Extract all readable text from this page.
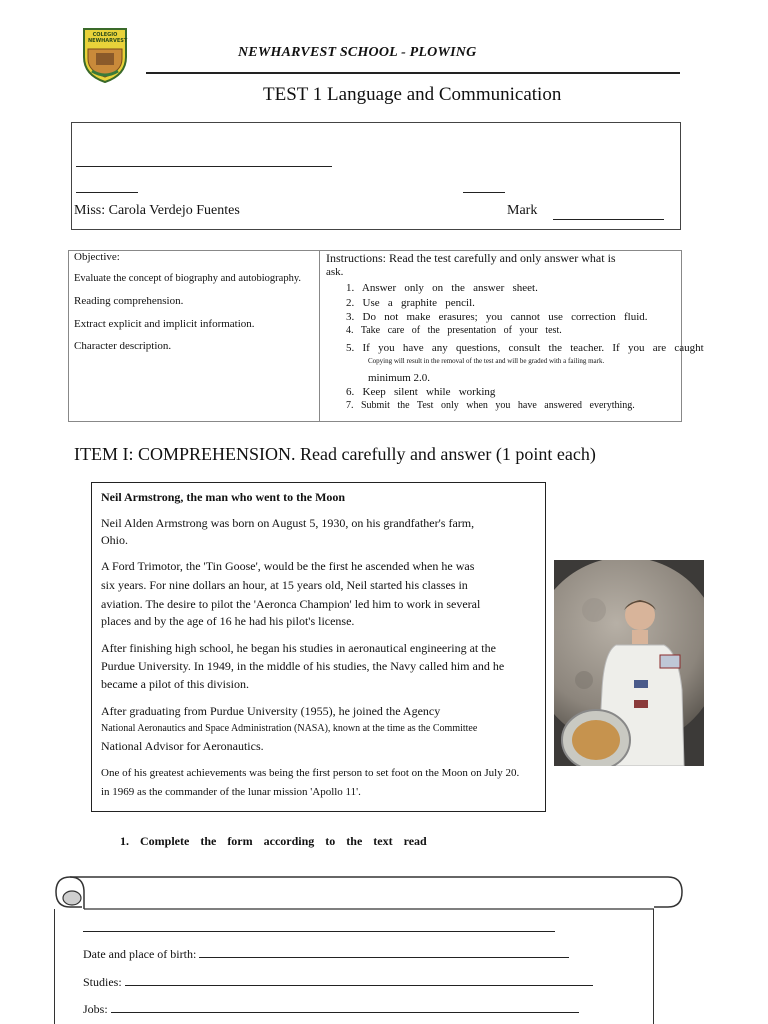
COLEGIO NEWHARVEST
NEWHARVEST SCHOOL - PLOWING
TEST 1 Language and Communication
Miss: Carola Verdejo Fuentes	Mark
Objective:
Evaluate the concept of biography and autobiography.
Reading comprehension.
Extract explicit and implicit information.
Character description.
Instructions: Read the test carefully and only answer what is
ask.
1.   Answer   only   on   the   answer   sheet.
2.   Use   a   graphite   pencil.
3.   Do   not   make   erasures;   you   cannot   use   correction   fluid.
4.   Take   care   of   the   presentation   of   your   test.
5.   If   you   have   any   questions,   consult   the   teacher.   If   you   are   caught
Copying will result in the removal of the test and will be graded with a failing mark.
minimum 2.0.
6.   Keep   silent   while   working
7.   Submit   the   Test   only   when   you   have   answered   everything.
ITEM I: COMPREHENSION. Read carefully and answer (1 point each)
Neil Armstrong, the man who went to the Moon
Neil Alden Armstrong was born on August 5, 1930, on his grandfather's farm,
Ohio.
A Ford Trimotor, the 'Tin Goose', would be the first he ascended when he was
six years. For nine dollars an hour, at 15 years old, Neil started his classes in
aviation. The desire to pilot the 'Aeronca Champion' led him to work in several
places and by the age of 16 he had his pilot's license.
After finishing high school, he began his studies in aeronautical engineering at the
Purdue University. In 1949, in the middle of his studies, the Navy called him and he
became a pilot of this division.
After graduating from Purdue University (1955), he joined the Agency
National Aeronautics and Space Administration (NASA), known at the time as the Committee
National Advisor for Aeronautics.
One of his greatest achievements was being the first person to set foot on the Moon on July 20.
in 1969 as the commander of the lunar mission 'Apollo 11'.
1. Complete the form according to the text read
Date and place of birth:
Studies:
Jobs:
